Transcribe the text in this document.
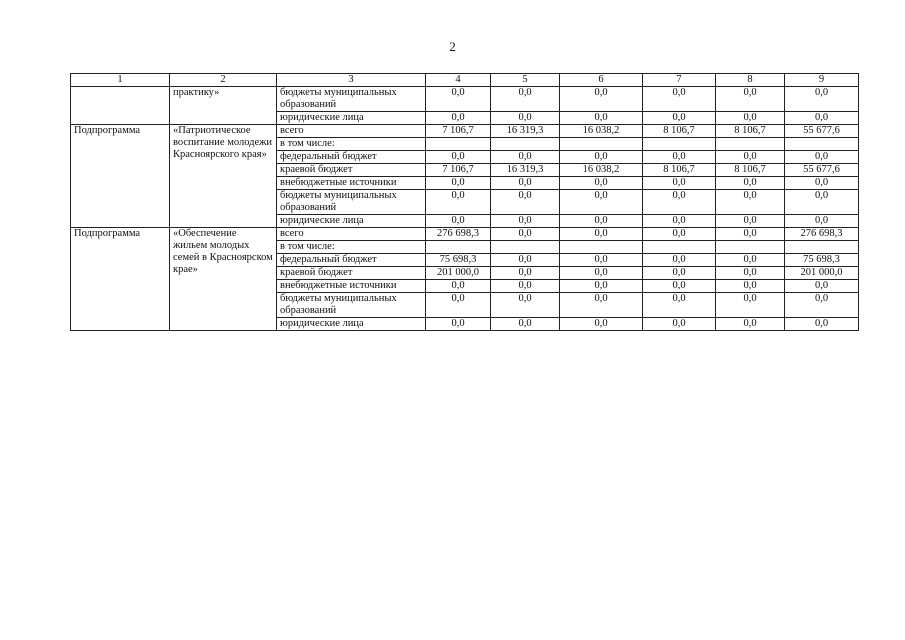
2
1	2	3	4	5	6	7	8	9
	практику»	бюджеты муниципальных образований	0,0	0,0	0,0	0,0	0,0	0,0
		юридические лица	0,0	0,0	0,0	0,0	0,0	0,0
Подпрограмма	«Патриотическое воспитание молодежи Красноярского края»	всего	7 106,7	16 319,3	16 038,2	8 106,7	8 106,7	55 677,6
		в том числе:						
		федеральный бюджет	0,0	0,0	0,0	0,0	0,0	0,0
		краевой бюджет	7 106,7	16 319,3	16 038,2	8 106,7	8 106,7	55 677,6
		внебюджетные источники	0,0	0,0	0,0	0,0	0,0	0,0
		бюджеты муниципальных образований	0,0	0,0	0,0	0,0	0,0	0,0
		юридические лица	0,0	0,0	0,0	0,0	0,0	0,0
Подпрограмма	«Обеспечение жильем молодых семей в Красноярском крае»	всего	276 698,3	0,0	0,0	0,0	0,0	276 698,3
		в том числе:						
		федеральный бюджет	75 698,3	0,0	0,0	0,0	0,0	75 698,3
		краевой бюджет	201 000,0	0,0	0,0	0,0	0,0	201 000,0
		внебюджетные источники	0,0	0,0	0,0	0,0	0,0	0,0
		бюджеты муниципальных образований	0,0	0,0	0,0	0,0	0,0	0,0
		юридические лица	0,0	0,0	0,0	0,0	0,0	0,0
